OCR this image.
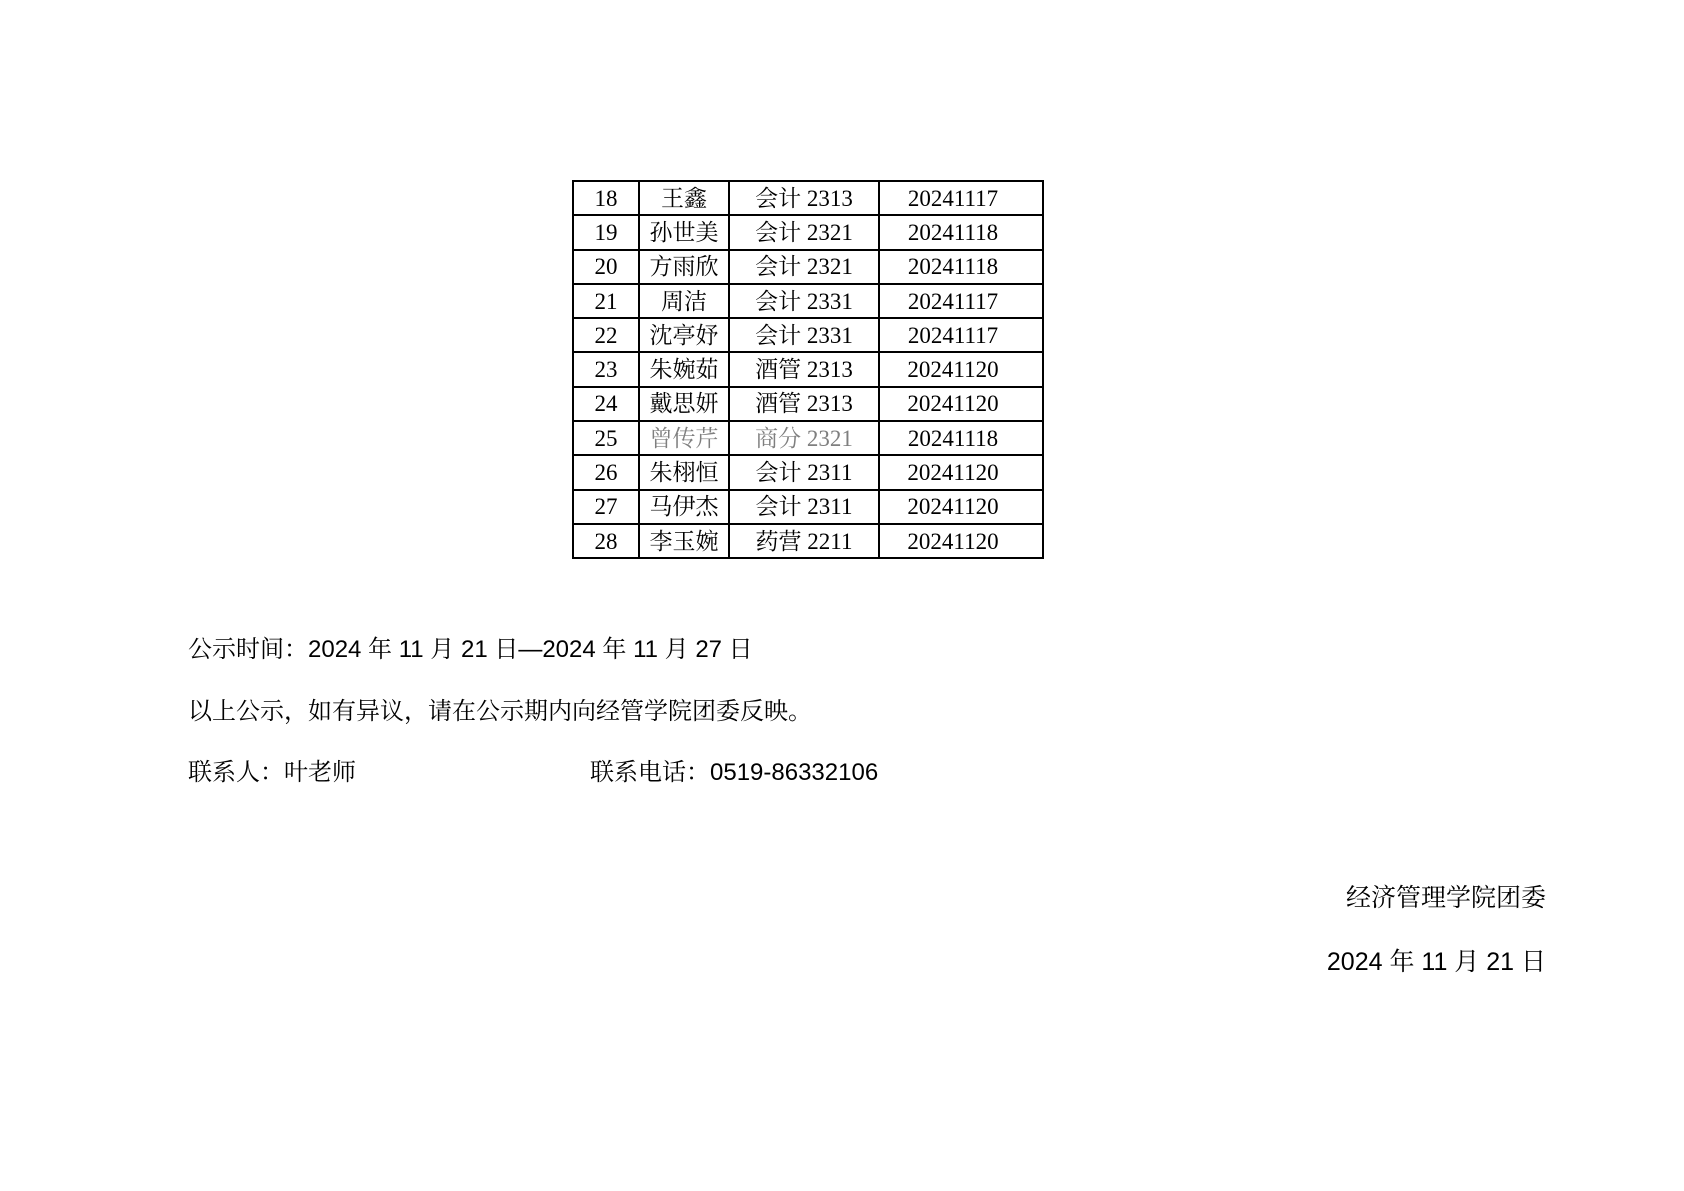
18	王鑫	会计 2313	20241117
19	孙世美	会计 2321	20241118
20	方雨欣	会计 2321	20241118
21	周洁	会计 2331	20241117
22	沈亭妤	会计 2331	20241117
23	朱婉茹	酒管 2313	20241120
24	戴思妍	酒管 2313	20241120
25	曾传芹	商分 2321	20241118
26	朱栩恒	会计 2311	20241120
27	马伊杰	会计 2311	20241120
28	李玉婉	药营 2211	20241120
公示时间：2024 年 11 月 21 日—2024 年 11 月 27 日
以上公示，如有异议，请在公示期内向经管学院团委反映。
联系人：叶老师	联系电话：0519-86332106
经济管理学院团委
2024 年 11 月 21 日
